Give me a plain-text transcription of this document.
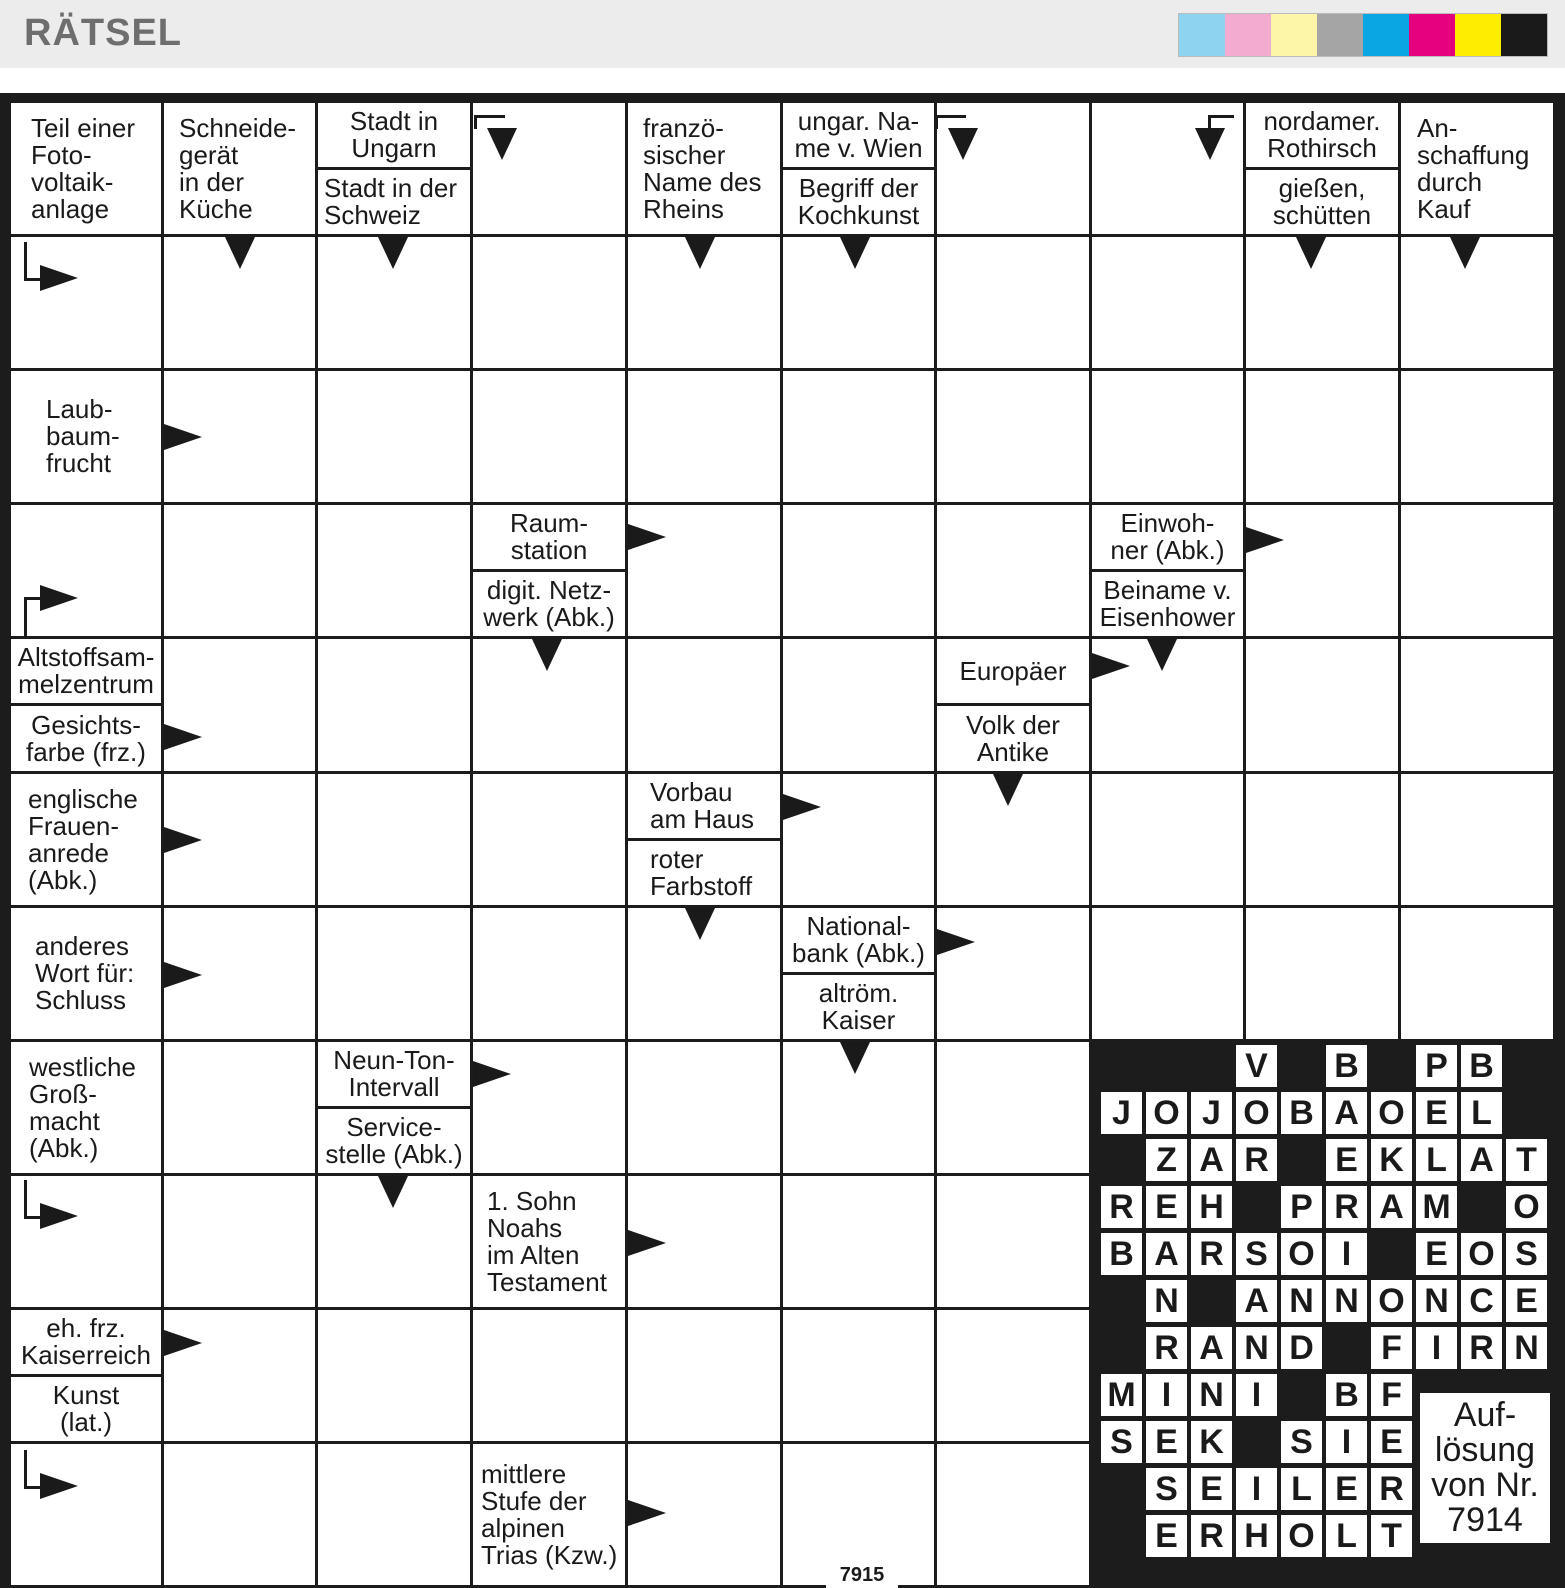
RÄTSEL
Teil einer
Foto-
voltaik-
anlage
Schneide-
gerät
in der
Küche
Stadt in
Ungarn
Stadt in der
Schweiz
franzö-
sischer
Name des
Rheins
ungar. Na-
me v. Wien
Begriff der
Kochkunst
nordamer.
Rothirsch
gießen,
schütten
An-
schaffung
durch
Kauf
Laub-
baum-
frucht
Raum-
station
digit. Netz-
werk (Abk.)
Einwoh-
ner (Abk.)
Beiname v.
Eisenhower
Altstoffsam-
melzentrum
Gesichts-
farbe (frz.)
Europäer
Volk der
Antike
englische
Frauen-
anrede
(Abk.)
Vorbau
am Haus
roter
Farbstoff
anderes
Wort für:
Schluss
National-
bank (Abk.)
altröm.
Kaiser
westliche
Groß-
macht
(Abk.)
Neun-Ton-
Intervall
Service-
stelle (Abk.)
1. Sohn
Noahs
im Alten
Testament
eh. frz.
Kaiserreich
Kunst
(lat.)
mittlere
Stufe der
alpinen
Trias (Kzw.)
V B P B
J O J O B A O E L
Z A R E K L A T
R E H P R A M O
B A R S O I	E O S
N A N N O N C E
R A N D F I R N
M I N I	B F
S E K S I E
S E I L E R
E R H O L T
Auf-
lösung
von Nr.
7914
7915
